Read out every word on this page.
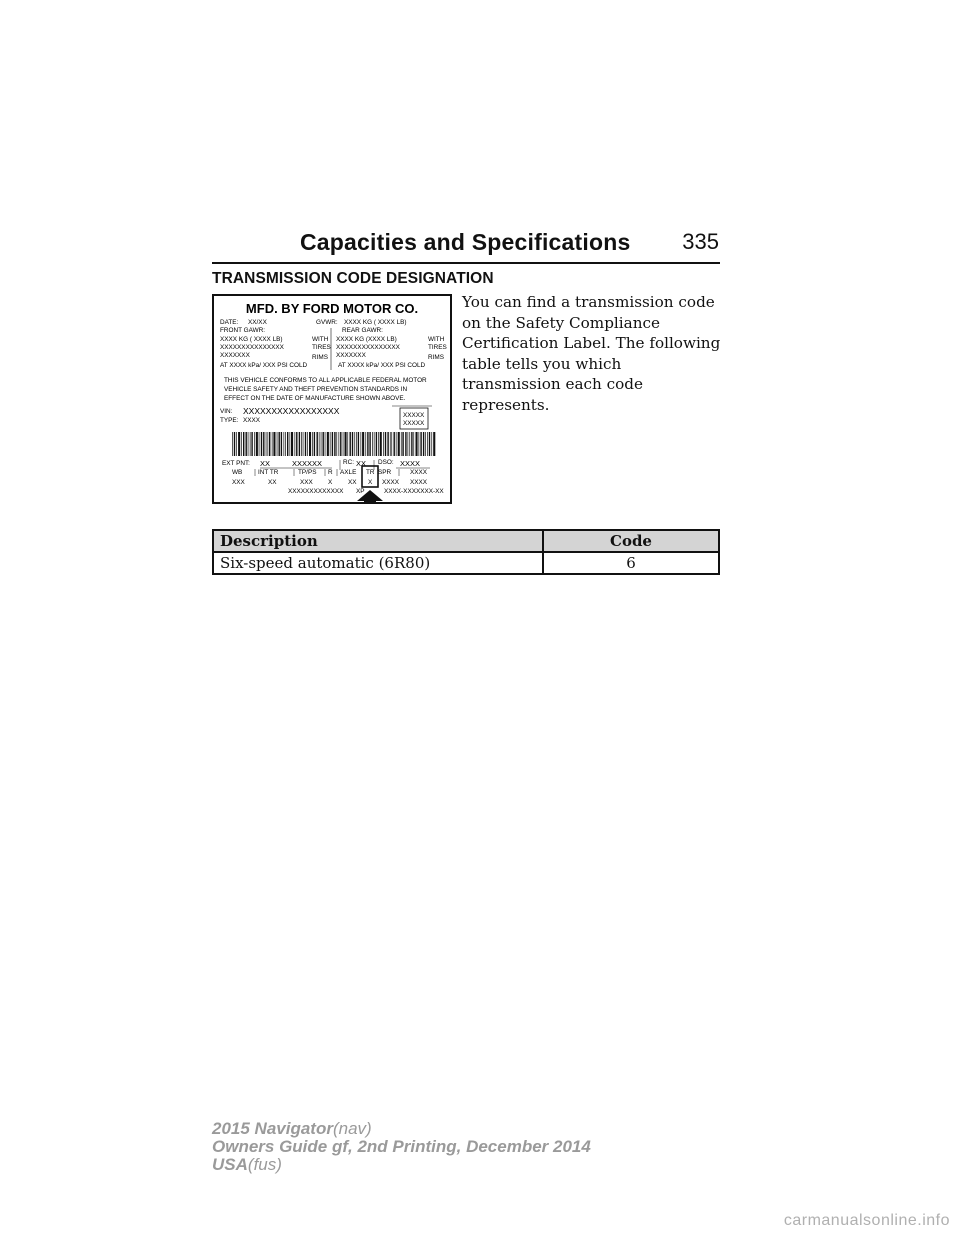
Capacities and Specifications 335
TRANSMISSION CODE DESIGNATION
MFD. BY FORD MOTOR CO.
DATE: XX/XX	GVWR: XXXX KG ( XXXX LB)
FRONT GAWR:	REAR GAWR:
XXXX KG ( XXXX LB)	WITH XXXX KG (XXXX LB)	WITH
XXXXXXXXXXXXXXX	TIRES XXXXXXXXXXXXXXX	TIRES
XXXXXXX	RIMS XXXXXXX	RIMS
AT XXXX kPa/ XXX PSI COLD	AT XXXX kPa/ XXX PSI COLD
THIS VEHICLE CONFORMS TO ALL APPLICABLE FEDERAL MOTOR
VEHICLE SAFETY AND THEFT PREVENTION STANDARDS IN
EFFECT ON THE DATE OF MANUFACTURE SHOWN ABOVE.
VIN: XXXXXXXXXXXXXXXXX
TYPE: XXXX
XXXXX
XXXXX
EXT PNT: XX	XXXXXX	RC: XX DSO: XXXX
WB INT TR	TP/PS R AXLE TR SPR	XXXX
XXX	XX	XXX X XX X XXXX XXXX
XXXXXXXXXXXXX XP	XXXX-XXXXXXX-XX
You can find a transmission code on the Safety Compliance Certification Label. The following table tells you which transmission each code represents.
Description	Code
Six-speed automatic (6R80)	6
2015 Navigator(nav)
Owners Guide gf, 2nd Printing, December 2014
USA(fus)
carmanualsonline.info
